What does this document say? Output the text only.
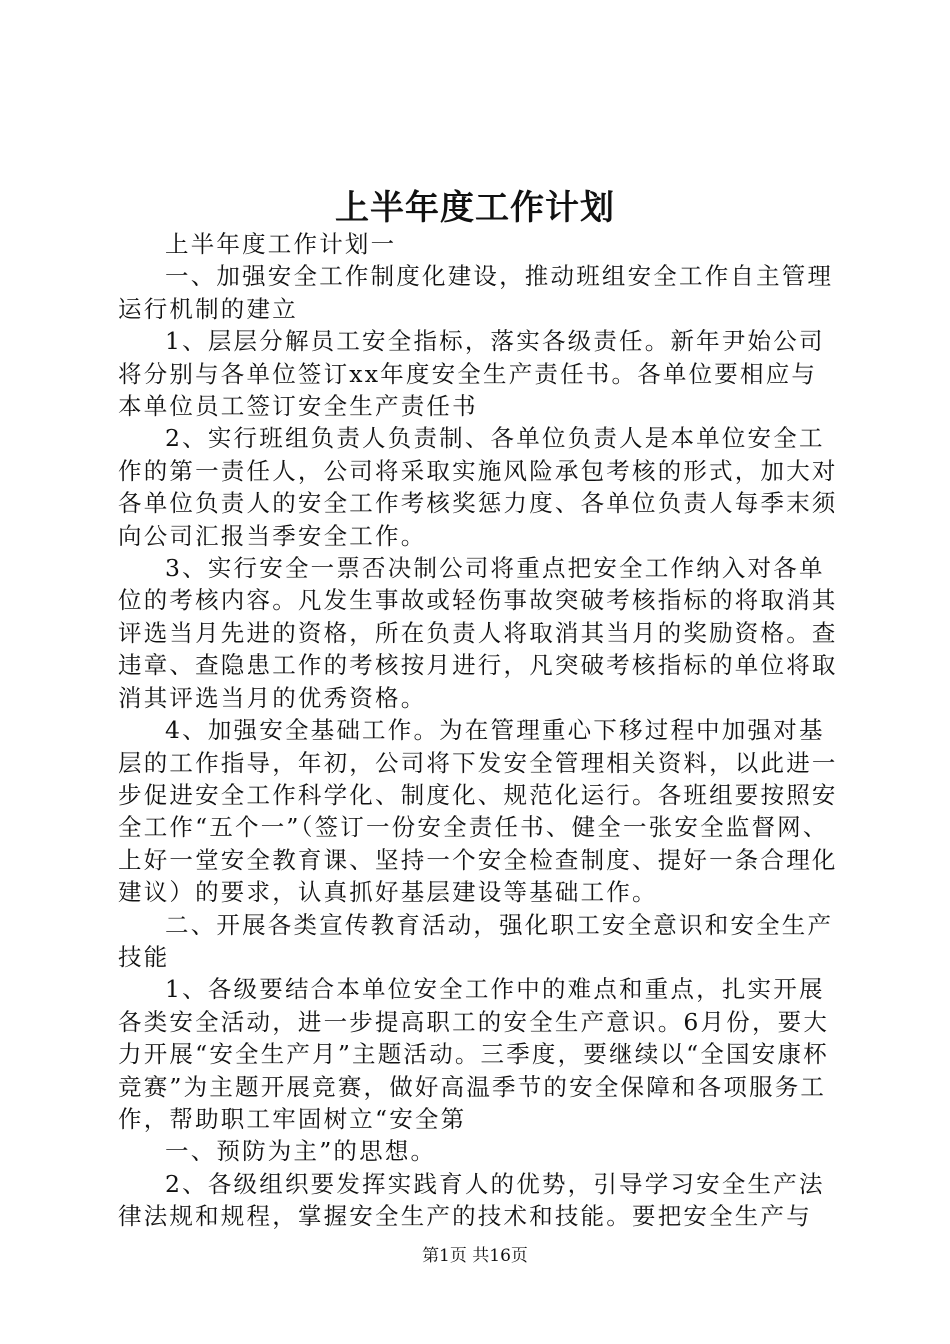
上半年度工作计划

上半年度工作计划一

一、加强安全工作制度化建设，推动班组安全工作自主管理运行机制的建立

1、层层分解员工安全指标，落实各级责任。新年尹始公司将分别与各单位签订xx年度安全生产责任书。各单位要相应与本单位员工签订安全生产责任书

2、实行班组负责人负责制、各单位负责人是本单位安全工作的第一责任人，公司将采取实施风险承包考核的形式，加大对各单位负责人的安全工作考核奖惩力度、各单位负责人每季末须向公司汇报当季安全工作。

3、实行安全一票否决制公司将重点把安全工作纳入对各单位的考核内容。凡发生事故或轻伤事故突破考核指标的将取消其评选当月先进的资格，所在负责人将取消其当月的奖励资格。查违章、查隐患工作的考核按月进行，凡突破考核指标的单位将取消其评选当月的优秀资格。

4、加强安全基础工作。为在管理重心下移过程中加强对基层的工作指导，年初，公司将下发安全管理相关资料，以此进一步促进安全工作科学化、制度化、规范化运行。各班组要按照安全工作“五个一”（签订一份安全责任书、健全一张安全监督网、上好一堂安全教育课、坚持一个安全检查制度、提好一条合理化建议）的要求，认真抓好基层建设等基础工作。

二、开展各类宣传教育活动，强化职工安全意识和安全生产技能

1、各级要结合本单位安全工作中的难点和重点，扎实开展各类安全活动，进一步提高职工的安全生产意识。6月份，要大力开展“安全生产月”主题活动。三季度，要继续以“全国安康杯竞赛”为主题开展竞赛，做好高温季节的安全保障和各项服务工作，帮助职工牢固树立“安全第

一、预防为主”的思想。

2、各级组织要发挥实践育人的优势，引导学习安全生产法律法规和规程，掌握安全生产的技术和技能。要把安全生产与

第1页 共16页
